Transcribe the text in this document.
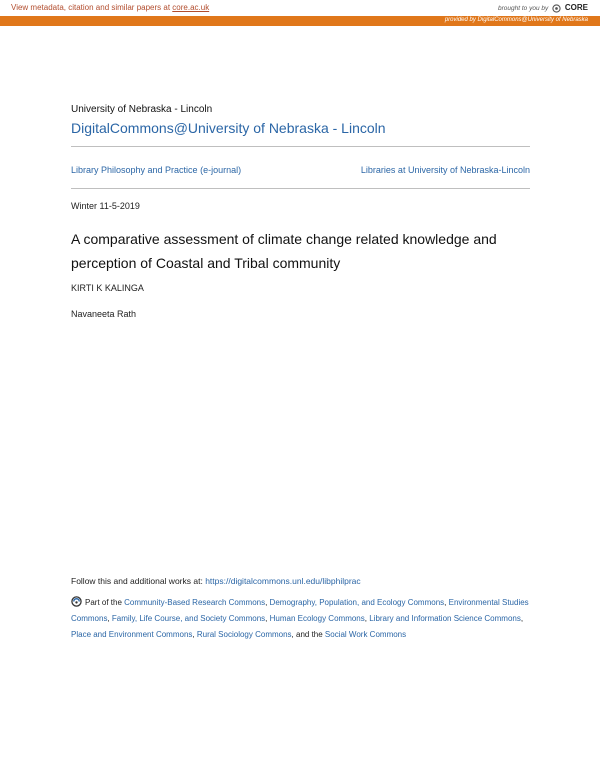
View metadata, citation and similar papers at core.ac.uk	brought to you by CORE
provided by DigitalCommons@University of Nebraska
University of Nebraska - Lincoln
DigitalCommons@University of Nebraska - Lincoln
Library Philosophy and Practice (e-journal)	Libraries at University of Nebraska-Lincoln
Winter 11-5-2019
A comparative assessment of climate change related knowledge and perception of Coastal and Tribal community
KIRTI K KALINGA
Navaneeta Rath
Follow this and additional works at: https://digitalcommons.unl.edu/libphilprac
Part of the Community-Based Research Commons, Demography, Population, and Ecology Commons, Environmental Studies Commons, Family, Life Course, and Society Commons, Human Ecology Commons, Library and Information Science Commons, Place and Environment Commons, Rural Sociology Commons, and the Social Work Commons
